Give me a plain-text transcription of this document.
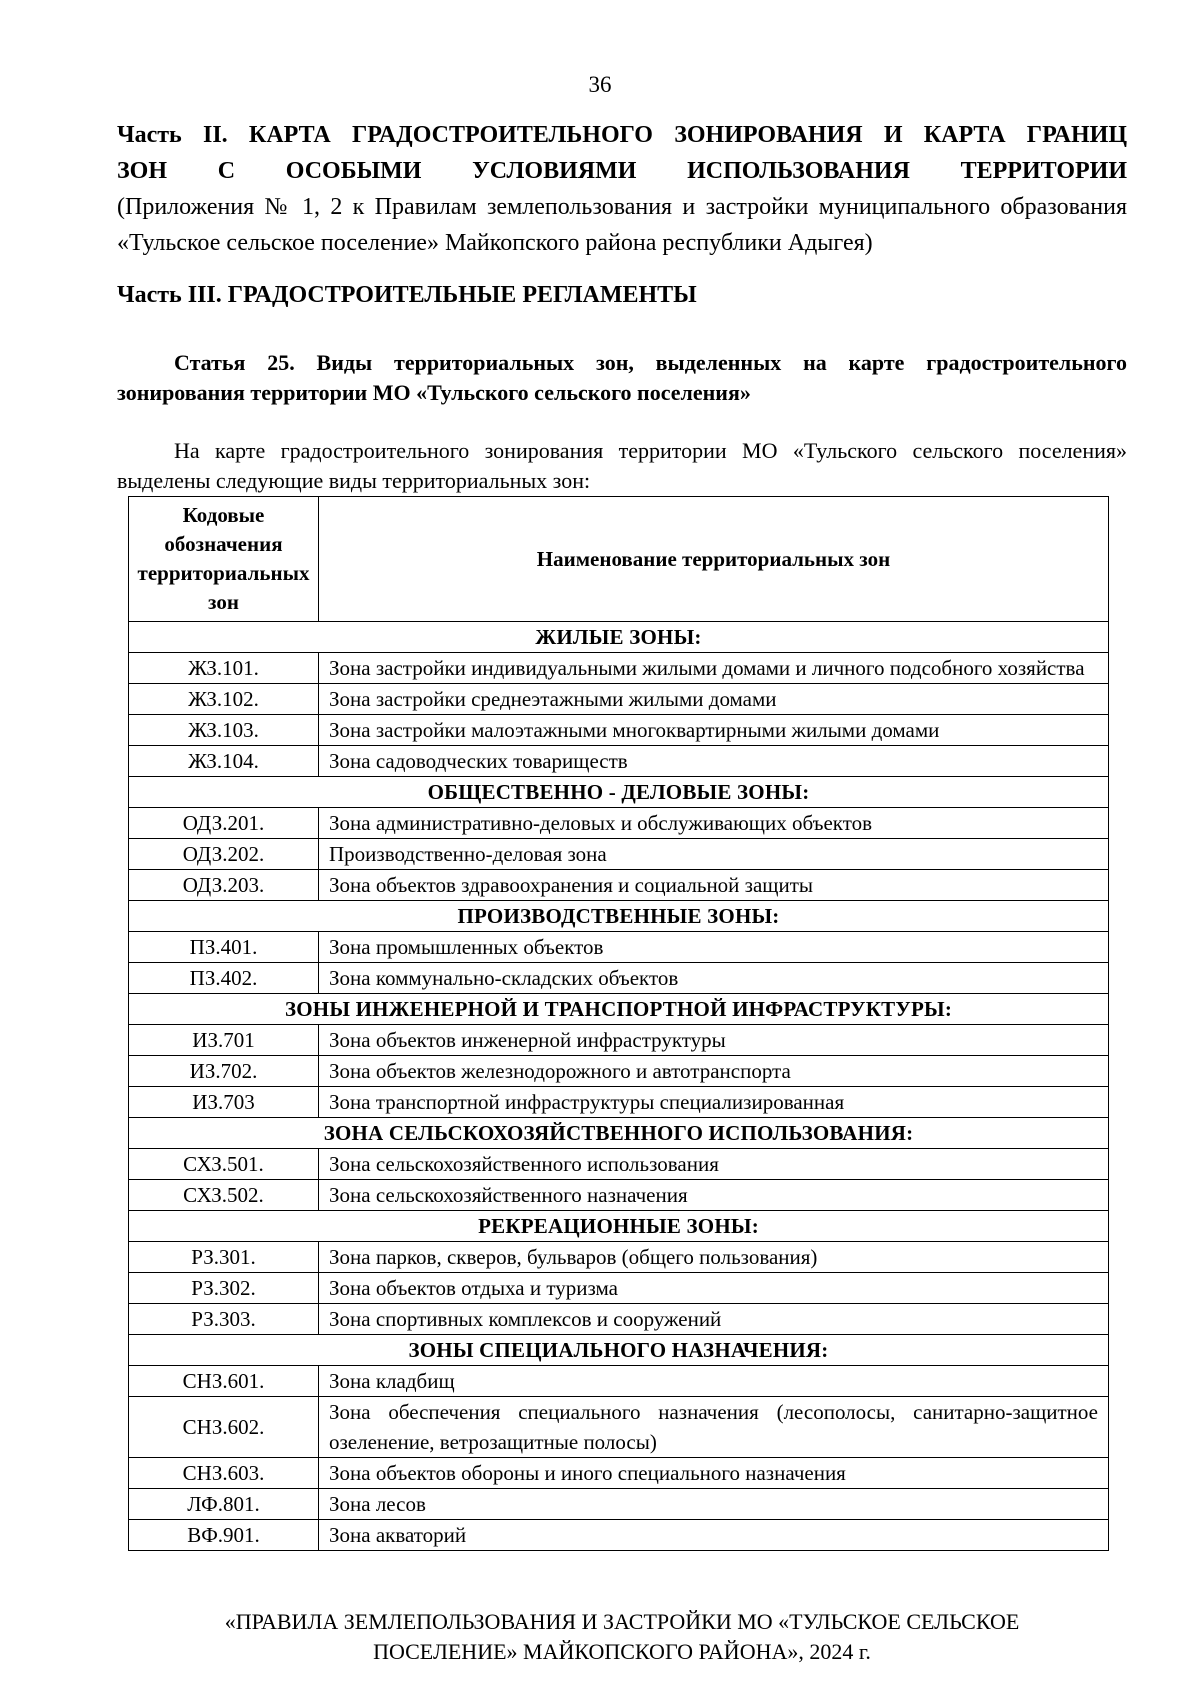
36
Часть II. КАРТА ГРАДОСТРОИТЕЛЬНОГО ЗОНИРОВАНИЯ И КАРТА ГРАНИЦ
ЗОН С ОСОБЫМИ УСЛОВИЯМИ ИСПОЛЬЗОВАНИЯ ТЕРРИТОРИИ
(Приложения № 1, 2 к Правилам землепользования и застройки муниципального образования «Тульское сельское поселение» Майкопского района республики Адыгея)
Часть III. ГРАДОСТРОИТЕЛЬНЫЕ РЕГЛАМЕНТЫ
Статья 25. Виды территориальных зон, выделенных на карте градостроительного зонирования территории МО «Тульского сельского поселения»
На карте градостроительного зонирования территории МО «Тульского сельского поселения» выделены следующие виды территориальных зон:
Кодовые обозначения территориальных зон	Наименование территориальных зон
ЖИЛЫЕ ЗОНЫ:	
ЖЗ.101.	Зона застройки индивидуальными жилыми домами и личного подсобного хозяйства
ЖЗ.102.	Зона застройки среднеэтажными жилыми домами
ЖЗ.103.	Зона застройки малоэтажными многоквартирными жилыми домами
ЖЗ.104.	Зона садоводческих товариществ
ОБЩЕСТВЕННО - ДЕЛОВЫЕ ЗОНЫ:	
ОДЗ.201.	Зона административно-деловых и обслуживающих объектов
ОДЗ.202.	Производственно-деловая зона
ОДЗ.203.	Зона объектов здравоохранения и социальной защиты
ПРОИЗВОДСТВЕННЫЕ ЗОНЫ:	
ПЗ.401.	Зона промышленных объектов
ПЗ.402.	Зона коммунально-складских объектов
ЗОНЫ ИНЖЕНЕРНОЙ И ТРАНСПОРТНОЙ ИНФРАСТРУКТУРЫ:	
ИЗ.701	Зона объектов инженерной инфраструктуры
ИЗ.702.	Зона объектов железнодорожного и автотранспорта
ИЗ.703	Зона транспортной инфраструктуры специализированная
ЗОНА СЕЛЬСКОХОЗЯЙСТВЕННОГО ИСПОЛЬЗОВАНИЯ:	
СХЗ.501.	Зона сельскохозяйственного использования
СХЗ.502.	Зона сельскохозяйственного назначения
РЕКРЕАЦИОННЫЕ ЗОНЫ:	
РЗ.301.	Зона парков, скверов, бульваров (общего пользования)
РЗ.302.	Зона объектов отдыха и туризма
РЗ.303.	Зона спортивных комплексов и сооружений
ЗОНЫ СПЕЦИАЛЬНОГО НАЗНАЧЕНИЯ:	
СНЗ.601.	Зона кладбищ
СНЗ.602.	Зона обеспечения специального назначения (лесополосы, санитарно-защитное озеленение, ветрозащитные полосы)
СНЗ.603.	Зона объектов обороны и иного специального назначения
ЛФ.801.	Зона лесов
ВФ.901.	Зона акваторий
«ПРАВИЛА ЗЕМЛЕПОЛЬЗОВАНИЯ И ЗАСТРОЙКИ МО «ТУЛЬСКОЕ СЕЛЬСКОЕ
ПОСЕЛЕНИЕ» МАЙКОПСКОГО РАЙОНА», 2024 г.
